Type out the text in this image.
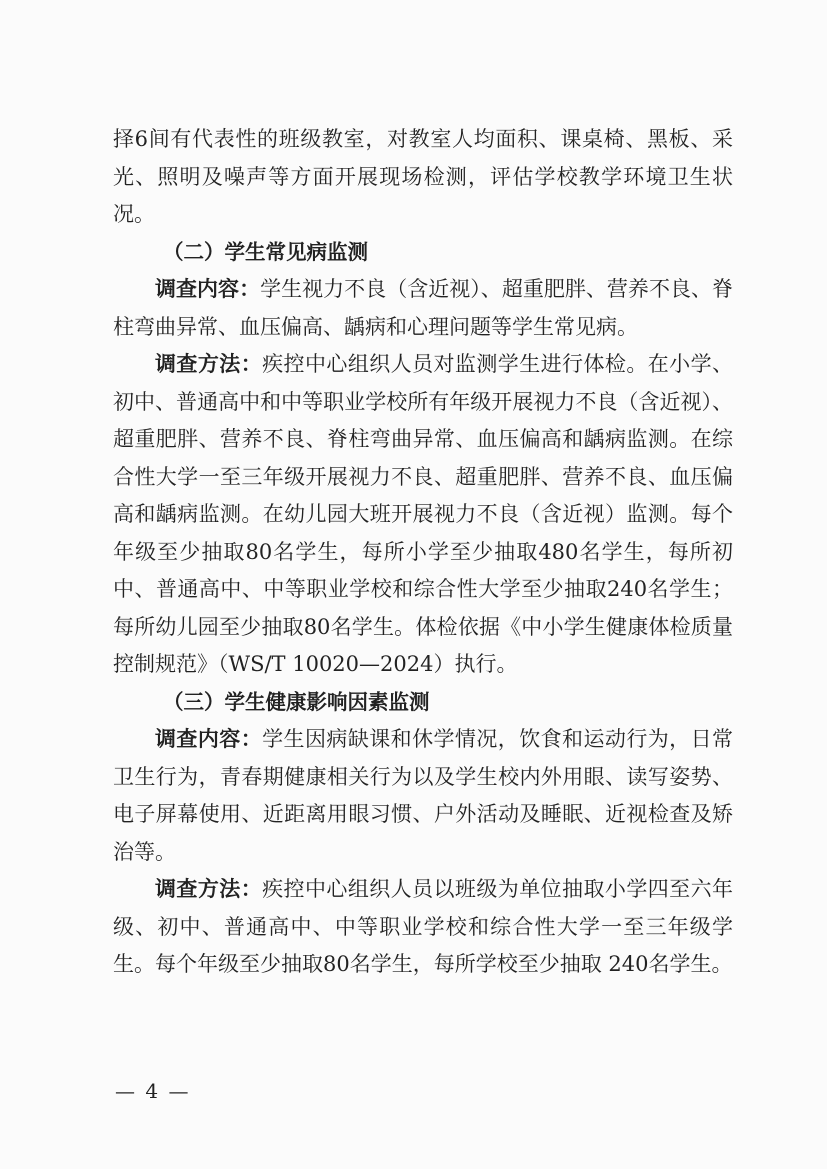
择6间有代表性的班级教室，对教室人均面积、课桌椅、黑板、采光、照明及噪声等方面开展现场检测，评估学校教学环境卫生状况。

（二）学生常见病监测

调查内容：学生视力不良（含近视）、超重肥胖、营养不良、脊柱弯曲异常、血压偏高、龋病和心理问题等学生常见病。

调查方法：疾控中心组织人员对监测学生进行体检。在小学、初中、普通高中和中等职业学校所有年级开展视力不良（含近视）、超重肥胖、营养不良、脊柱弯曲异常、血压偏高和龋病监测。在综合性大学一至三年级开展视力不良、超重肥胖、营养不良、血压偏高和龋病监测。在幼儿园大班开展视力不良（含近视）监测。每个年级至少抽取80名学生，每所小学至少抽取480名学生，每所初中、普通高中、中等职业学校和综合性大学至少抽取240名学生；每所幼儿园至少抽取80名学生。体检依据《中小学生健康体检质量控制规范》（WS/T 10020—2024）执行。

（三）学生健康影响因素监测

调查内容：学生因病缺课和休学情况，饮食和运动行为，日常卫生行为，青春期健康相关行为以及学生校内外用眼、读写姿势、电子屏幕使用、近距离用眼习惯、户外活动及睡眠、近视检查及矫治等。

调查方法：疾控中心组织人员以班级为单位抽取小学四至六年级、初中、普通高中、中等职业学校和综合性大学一至三年级学生。每个年级至少抽取80名学生，每所学校至少抽取 240名学生。

— 4 —
